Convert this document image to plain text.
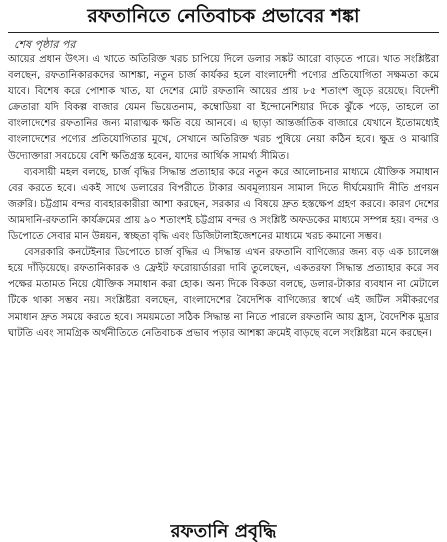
রফতানিতে নেতিবাচক প্রভাবের শঙ্কা
শেষ পৃষ্ঠার পর

আয়ের প্রধান উৎস। এ খাতে অতিরিক্ত খরচ চাপিয়ে দিলে ডলার সঙ্কট আরো বাড়তে পারে। খাত সংশ্লিষ্টরা বলছেন, রফতানিকারকদের আশঙ্কা, নতুন চার্জ কার্যকর হলে বাংলাদেশী পণ্যের প্রতিযোগিতা সক্ষমতা কমে যাবে। বিশেষ করে পোশাক খাত, যা দেশের মোট রফতানি আয়ের প্রায় ৮৫ শতাংশ জুড়ে রয়েছে। বিদেশী ক্রেতারা যদি বিকল্প বাজার যেমন ভিয়েতনাম, কম্বোডিয়া বা ইন্দোনেশিয়ার দিকে ঝুঁকে পড়ে, তাহলে তা বাংলাদেশের রফতানির জন্য মারাত্মক ক্ষতি বয়ে আনবে। এ ছাড়া আন্তর্জাতিক বাজারে যেখানে ইতোমধ্যেই বাংলাদেশের পণ্যের প্রতিযোগিতার মুখে, সেখানে অতিরিক্ত খরচ পুষিয়ে নেয়া কঠিন হবে। ক্ষুদ্র ও মাঝারি উদ্যোক্তারা সবচেয়ে বেশি ক্ষতিগ্রস্ত হবেন, যাদের আর্থিক সামর্থ্য সীমিত।

ব্যবসায়ী মহল বলছে, চার্জ বৃদ্ধির সিদ্ধান্ত প্রত্যাহার করে নতুন করে আলোচনার মাধ্যমে যৌক্তিক সমাধান বের করতে হবে। একই সাথে ডলারের বিপরীতে টাকার অবমূল্যায়ন সামাল দিতে দীর্ঘমেয়াদি নীতি প্রণয়ন জরুরি। চট্টগ্রাম বন্দর ব্যবহারকারীরা আশা করছেন, সরকার এ বিষয়ে দ্রুত হস্তক্ষেপ গ্রহণ করবে। কারণ দেশের আমদানি-রফতানি কার্যক্রমের প্রায় ৯০ শতাংশই চট্টগ্রাম বন্দর ও সংশ্লিষ্ট অফডকের মাধ্যমে সম্পন্ন হয়। বন্দর ও ডিপোতে সেবার মান উন্নয়ন, স্বচ্ছতা বৃদ্ধি এবং ডিজিটালাইজেশনের মাধ্যমে খরচ কমানো সম্ভব।

বেসরকারি কনটেইনার ডিপোতে চার্জ বৃদ্ধির এ সিদ্ধান্ত এখন রফতানি বাণিজ্যের জন্য বড় এক চ্যালেঞ্জ হয়ে দাঁড়িয়েছে। রফতানিকারক ও ফ্রেইট ফরোয়ার্ডাররা দাবি তুলেছেন, একতরফা সিদ্ধান্ত প্রত্যাহার করে সব পক্ষের মতামত নিয়ে যৌক্তিক সমাধান করা হোক। অন্য দিকে বিকডা বলছে, ডলার-টাকার ব্যবধান না মেটালে টিকে থাকা সম্ভব নয়। সংশ্লিষ্টরা বলছেন, বাংলাদেশের বৈদেশিক বাণিজ্যের স্বার্থে এই জটিল সমীকরণের সমাধান দ্রুত সময়ে করতে হবে। সময়মতো সঠিক সিদ্ধান্ত না নিতে পারলে রফতানি আয় হ্রাস, বৈদেশিক মুদ্রার ঘাটতি এবং সামগ্রিক অর্থনীতিতে নেতিবাচক প্রভাব পড়ার আশঙ্কা ক্রমেই বাড়ছে বলে সংশ্লিষ্টরা মনে করছেন।

রফতানি প্রবৃদ্ধি
